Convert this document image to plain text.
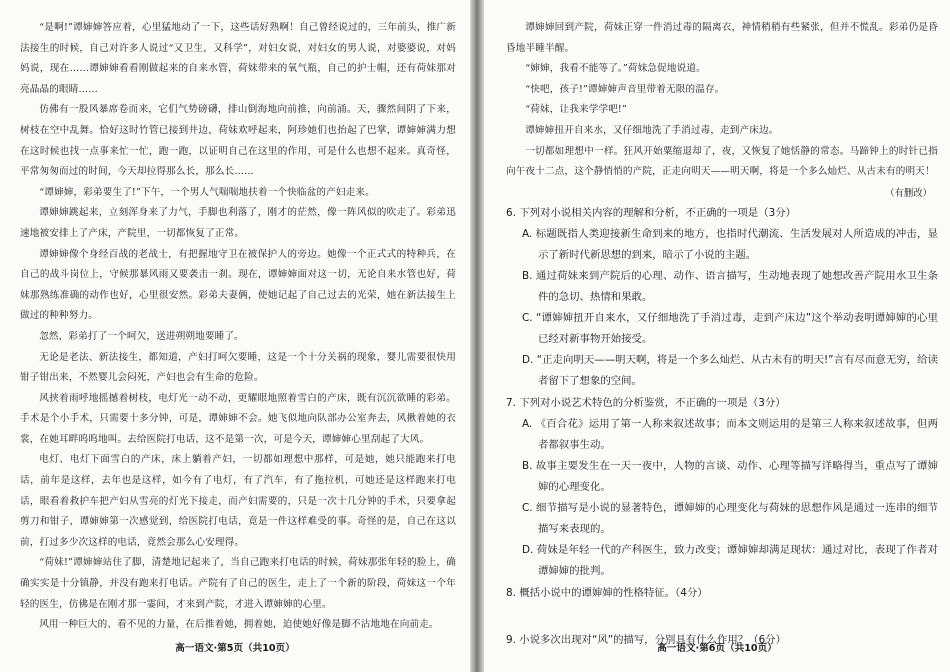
“是啊!”谭婶婶答应着，心里猛地动了一下，这些话好熟啊！自己曾经说过的，三年前头，推广新法接生的时候，自己对许多人说过“又卫生，又科学”，对妇女说，对妇女的男人说，对婆婆说，对妈妈说，现在……谭婶婶看看刚做起来的自来水管，荷妹带来的氧气瓶，自己的护士帽，还有荷妹那对亮晶晶的眼睛……

仿佛有一股风暴席卷而来，它们气势磅礴，排山倒海地向前推，向前涌。天，骤然间阴了下来，树枝在空中乱舞。恰好这时竹管已接到井边，荷妹欢呼起来，阿珍她们也抬起了巴掌，谭婶婶满力想在这时候也找一点事来忙一忙，跑一跑，以证明自己在这里的作用，可是什么也想不起来。真奇怪，平常匆匆而过的时间，今天却拉得那么长，那么长……

“谭婶婶，彩弟要生了!”下午，一个男人气喘喘地扶着一个快临盆的产妇走来。

谭婶婶跳起来，立刻浑身来了力气，手脚也利落了，刚才的茫然，像一阵风似的吹走了。彩弟迅速地被安排上了产床，产院里，一切都恢复了正常。

谭婶婶像个身经百战的老战士，有把握地守卫在被保护人的旁边。她像一个正式式的特种兵，在自己的战斗岗位上，守候那暴风雨又要袭击一刹。现在，谭婶婶面对这一切，无论自来水管也好，荷妹那熟练准确的动作也好，心里很安然。彩弟夫妻俩，使她记起了自己过去的光荣，她在新法接生上做过的种种努力。

忽然，彩弟打了一个呵欠，送进朔朔地要睡了。

无论是老法、新法接生，都知道，产妇打呵欠要睡，这是一个十分关祸的现象，婴儿需要很快用钳子钳出来，不然婴儿会闷死，产妇也会有生命的危险。

风挟着雨呼地摇撼着树枝，电灯光一动不动，更耀眼地照着雪白的产床，既有沉沉欲睡的彩弟。手术是个小手术，只需要十多分钟，可是，谭婶婶不会。她飞似地向队部办公室奔去，风揪着她的衣裳，在她耳畔呜呜地叫。去给医院打电话，这不是第一次，可是今天，谭婶婶心里刮起了大风。

电灯、电灯下面雪白的产床，床上躺着产妇，一切都如理想中那样，可是她，她只能跑来打电话，前年是这样，去年也是这样，如今有了电灯，有了汽车，有了拖拉机，可她还是这样跑来打电话，眼看着救护车把产妇从雪亮的灯光下接走，而产妇需要的，只是一次十几分钟的手术，只要拿起剪刀和钳子，谭婶婶第一次感觉到，给医院打电话，竟是一件这样难受的事。奇怪的是，自己在这以前，打过多少次这样的电话，竟然会那么心安理得。

“荷妹!”谭婶婶站住了脚，清楚地记起来了，当自己跑来打电话的时候，荷妹那张年轻的脸上，确确实实是十分镇静，并没有跑来打电话。产院有了自己的医生，走上了一个新的阶段，荷妹这一个年轻的医生，仿佛是在刚才那一霎间，才来到产院，才进入谭婶婶的心里。

风用一种巨大的、看不见的力量，在后推着她，拥着她，迫使她好像是脚不沾地地在向前走。

高一语文·第5页（共10页）

谭婶婶回到产院，荷妹正穿一件消过毒的隔离衣，神情稍稍有些紧张，但并不慌乱。彩弟仍是昏昏地半睡半醒。

“婶婶，我看不能等了。”荷妹急促地说道。

“快吧，孩子!”谭婶婶声音里带着无限的温存。

“荷妹，让我来学学吧!”

谭婶婶扭开自来水，又仔细地洗了手消过毒，走到产床边。

一切都如理想中一样。狂风开始粟缩退却了，夜，又恢复了她恬静的常态。马蹄钟上的时针已指向午夜十二点，这个静悄悄的产院，正走向明天——明天啊，将是一个多么灿烂、从古未有的明天！

（有删改）

6. 下列对小说相关内容的理解和分析，不正确的一项是（3分）

A. 标题既指人类迎接新生命到来的地方，也指时代潮流、生活发展对人所造成的冲击，显示了新时代新思想的到来，暗示了小说的主题。

B. 通过荷妹来到产院后的心理、动作、语言描写，生动地表现了她想改善产院用水卫生条件的急切、热情和果敢。

C. “谭婶婶扭开自来水，又仔细地洗了手消过毒，走到产床边”这个举动表明谭婶婶的心里已经对新事物开始接受。

D. “正走向明天——明天啊，将是一个多么灿烂、从古未有的明天!”言有尽而意无穷，给读者留下了想象的空间。

7. 下列对小说艺术特色的分析鉴赏，不正确的一项是（3分）

A. 《百合花》运用了第一人称来叙述故事；而本文则运用的是第三人称来叙述故事，但两者都叙事生动。

B. 故事主要发生在一天一夜中，人物的言谈、动作、心理等描写详略得当，重点写了谭婶婶的心理变化。

C. 细节描写是小说的显著特色，谭婶婶的心理变化与荷妹的思想作风是通过一连串的细节描写来表现的。

D. 荷妹是年轻一代的产科医生，致力改变；谭婶婶却满足现状：通过对比，表现了作者对谭婶婶的批判。

8. 概括小说中的谭婶婶的性格特征。（4分）

9. 小说多次出现对“风”的描写，分别具有什么作用？（6分）

高一语文·第6页（共10页）
